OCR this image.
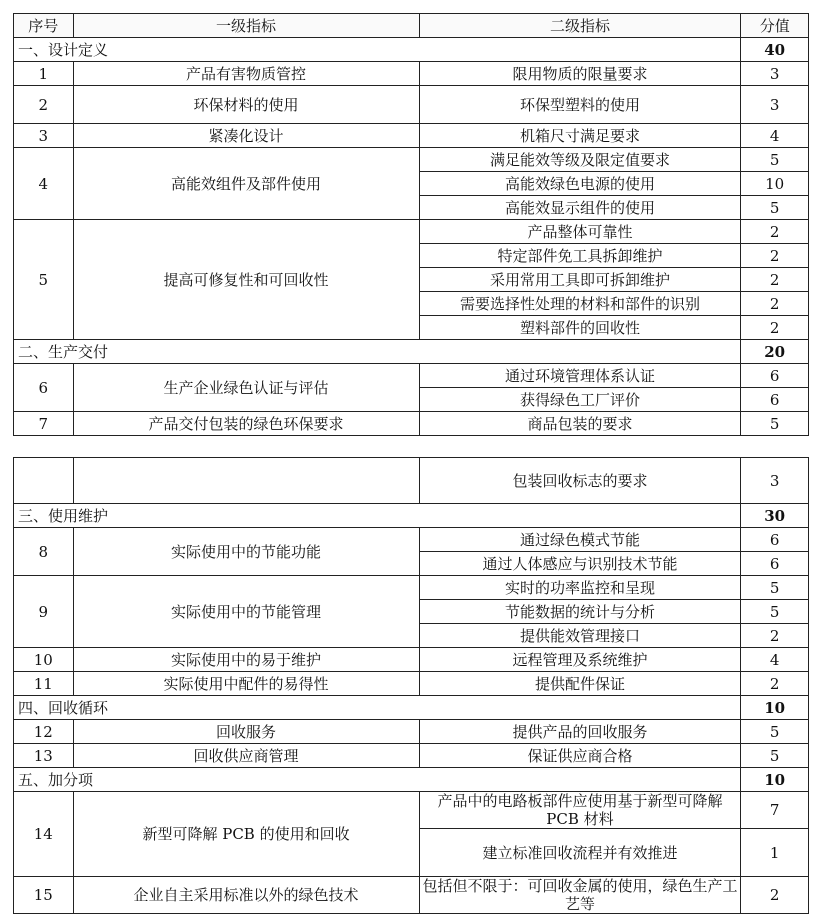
序号	一级指标	二级指标	分值
一、设计定义			40
1	产品有害物质管控	限用物质的限量要求	3
2	环保材料的使用	环保型塑料的使用	3
3	紧凑化设计	机箱尺寸满足要求	4
4	高能效组件及部件使用	满足能效等级及限定值要求	5
		高能效绿色电源的使用	10
		高能效显示组件的使用	5
5	提高可修复性和可回收性	产品整体可靠性	2
		特定部件免工具拆卸维护	2
		采用常用工具即可拆卸维护	2
		需要选择性处理的材料和部件的识别	2
		塑料部件的回收性	2
二、生产交付			20
6	生产企业绿色认证与评估	通过环境管理体系认证	6
		获得绿色工厂评价	6
7	产品交付包装的绿色环保要求	商品包装的要求	5
		包装回收标志的要求	3
三、使用维护			30
8	实际使用中的节能功能	通过绿色模式节能	6
		通过人体感应与识别技术节能	6
9	实际使用中的节能管理	实时的功率监控和呈现	5
		节能数据的统计与分析	5
		提供能效管理接口	2
10	实际使用中的易于维护	远程管理及系统维护	4
11	实际使用中配件的易得性	提供配件保证	2
四、回收循环			10
12	回收服务	提供产品的回收服务	5
13	回收供应商管理	保证供应商合格	5
五、加分项			10
14	新型可降解 PCB 的使用和回收	产品中的电路板部件应使用基于新型可降解 PCB 材料	7
		建立标准回收流程并有效推进	1
15	企业自主采用标准以外的绿色技术	包括但不限于：可回收金属的使用，绿色生产工艺等	2
